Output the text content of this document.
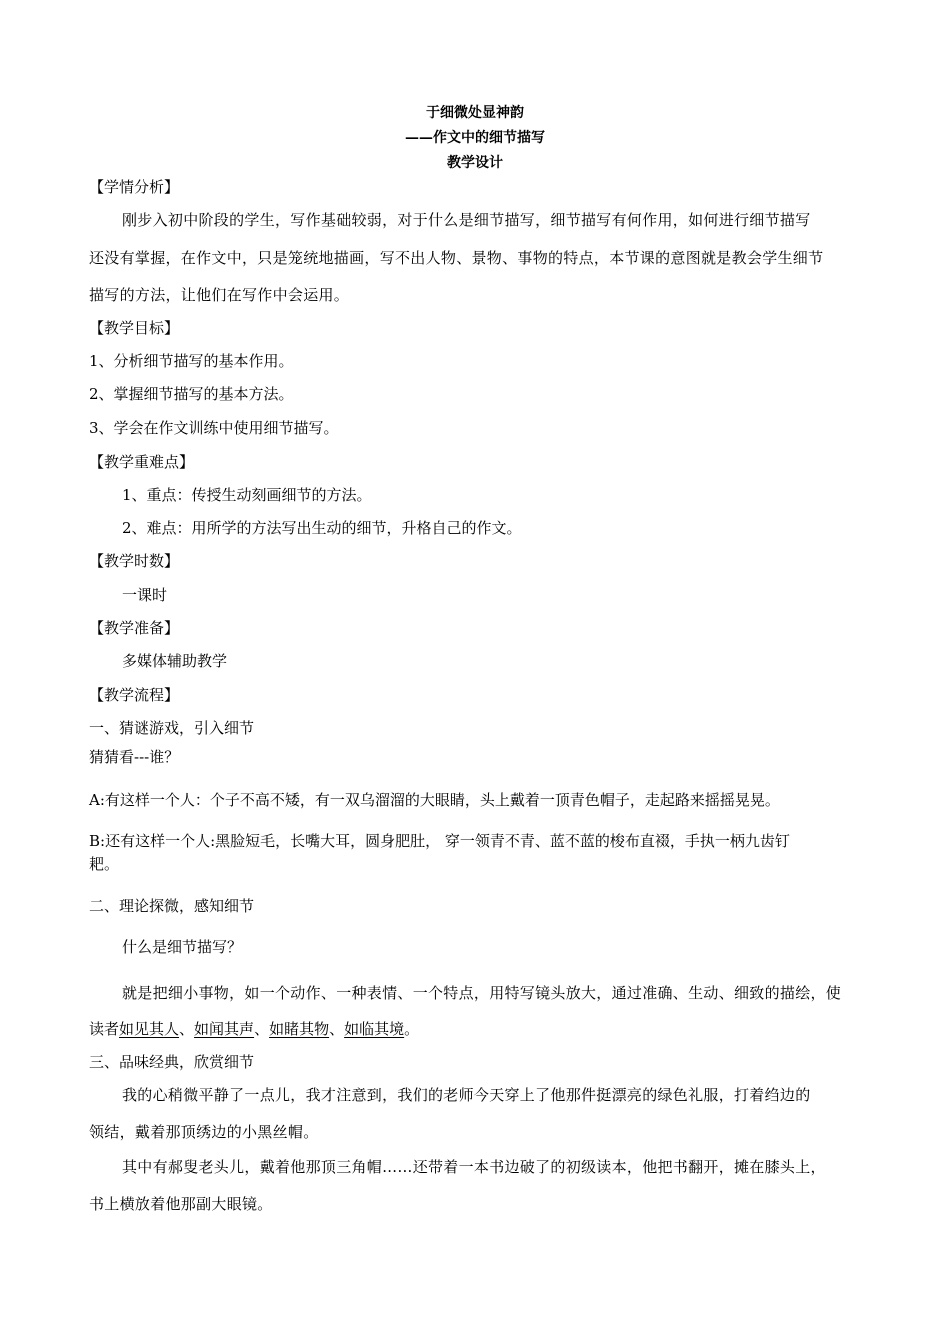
于细微处显神韵
——作文中的细节描写
教学设计
【学情分析】
刚步入初中阶段的学生，写作基础较弱，对于什么是细节描写，细节描写有何作用，如何进行细节描写
还没有掌握，在作文中，只是笼统地描画，写不出人物、景物、事物的特点，本节课的意图就是教会学生细节
描写的方法，让他们在写作中会运用。
【教学目标】
1、分析细节描写的基本作用。
2、掌握细节描写的基本方法。
3、学会在作文训练中使用细节描写。
【教学重难点】
1、重点：传授生动刻画细节的方法。
2、难点：用所学的方法写出生动的细节，升格自己的作文。
【教学时数】
一课时
【教学准备】
多媒体辅助教学
【教学流程】
一、猜谜游戏，引入细节
猜猜看---谁？
A:有这样一个人：个子不高不矮，有一双乌溜溜的大眼睛，头上戴着一顶青色帽子，走起路来摇摇晃晃。
B:还有这样一个人:黑脸短毛，长嘴大耳，圆身肥肚， 穿一领青不青、蓝不蓝的梭布直裰，手执一柄九齿钉
耙。
二、理论探微，感知细节
什么是细节描写？
就是把细小事物，如一个动作、一种表情、一个特点，用特写镜头放大，通过准确、生动、细致的描绘，使
读者如见其人、如闻其声、如睹其物、如临其境。
三、品味经典，欣赏细节
我的心稍微平静了一点儿，我才注意到，我们的老师今天穿上了他那件挺漂亮的绿色礼服，打着绉边的
领结，戴着那顶绣边的小黑丝帽。
其中有郝叟老头儿，戴着他那顶三角帽……还带着一本书边破了的初级读本，他把书翻开，摊在膝头上，
书上横放着他那副大眼镜。
